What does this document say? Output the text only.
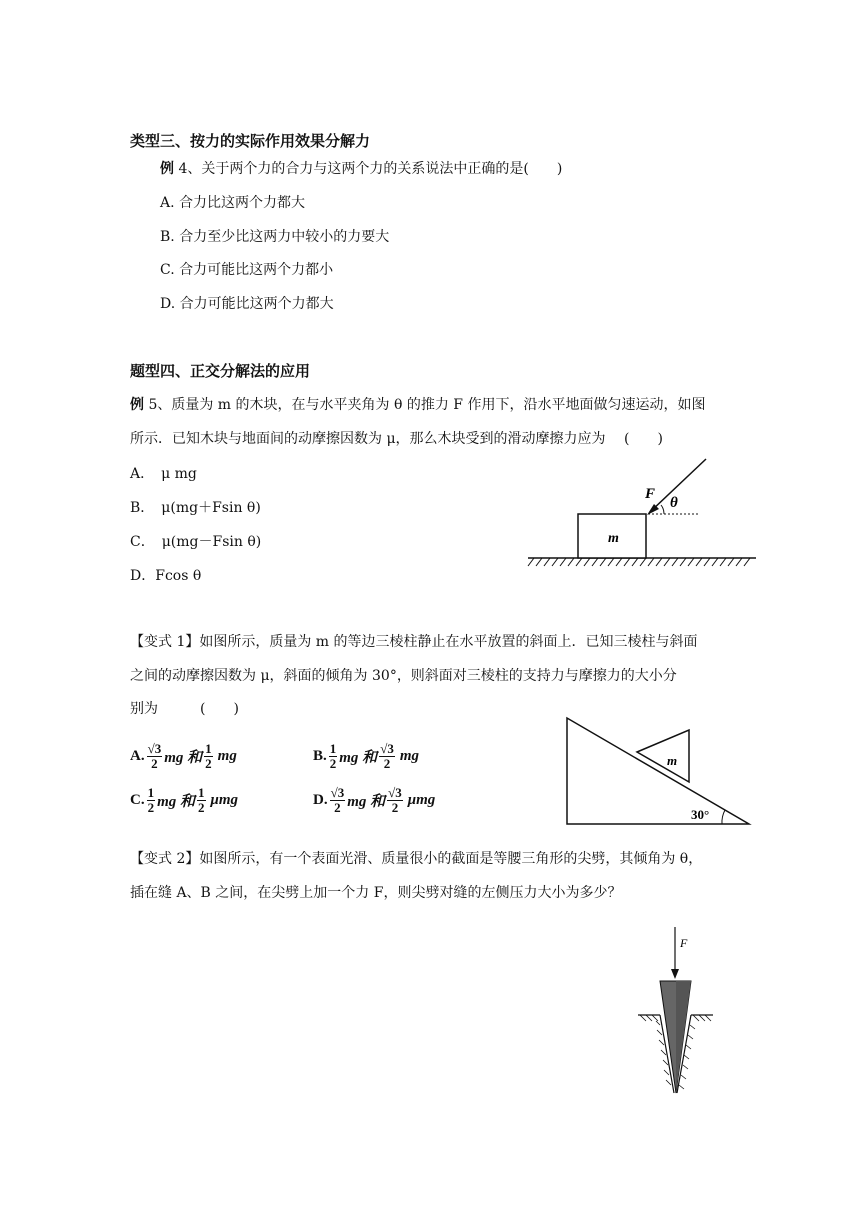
类型三、按力的实际作用效果分解力
例 4、关于两个力的合力与这两个力的关系说法中正确的是(　　)
A. 合力比这两个力都大
B. 合力至少比这两力中较小的力要大
C. 合力可能比这两个力都小
D. 合力可能比这两个力都大
题型四、正交分解法的应用
例 5、质量为 m 的木块，在与水平夹角为 θ 的推力 F 作用下，沿水平地面做匀速运动，如图
所示．已知木块与地面间的动摩擦因数为 μ，那么木块受到的滑动摩擦力应为　 (　　)
A．　μ mg
B．　μ(mg＋Fsin θ)
C．　μ(mg－Fsin θ)
D．Fcos θ
m
F
θ
【变式 1】如图所示，质量为 m 的等边三棱柱静止在水平放置的斜面上．已知三棱柱与斜面
之间的动摩擦因数为 μ，斜面的倾角为 30°，则斜面对三棱柱的支持力与摩擦力的大小分
别为　　　(　　)
A. $\frac{√3}{2}$ mg 和 $\frac{1}{2}$ mg	B. $\frac{1}{2}$ mg 和 $\frac{√3}{2}$ mg
C. $\frac{1}{2}$ mg 和 $\frac{1}{2}$ μmg	D. $\frac{√3}{2}$ mg 和 $\frac{√3}{2}$ μmg
m
30°
【变式 2】如图所示，有一个表面光滑、质量很小的截面是等腰三角形的尖劈，其倾角为 θ，
插在缝 A、B 之间，在尖劈上加一个力 F，则尖劈对缝的左侧压力大小为多少？
F
